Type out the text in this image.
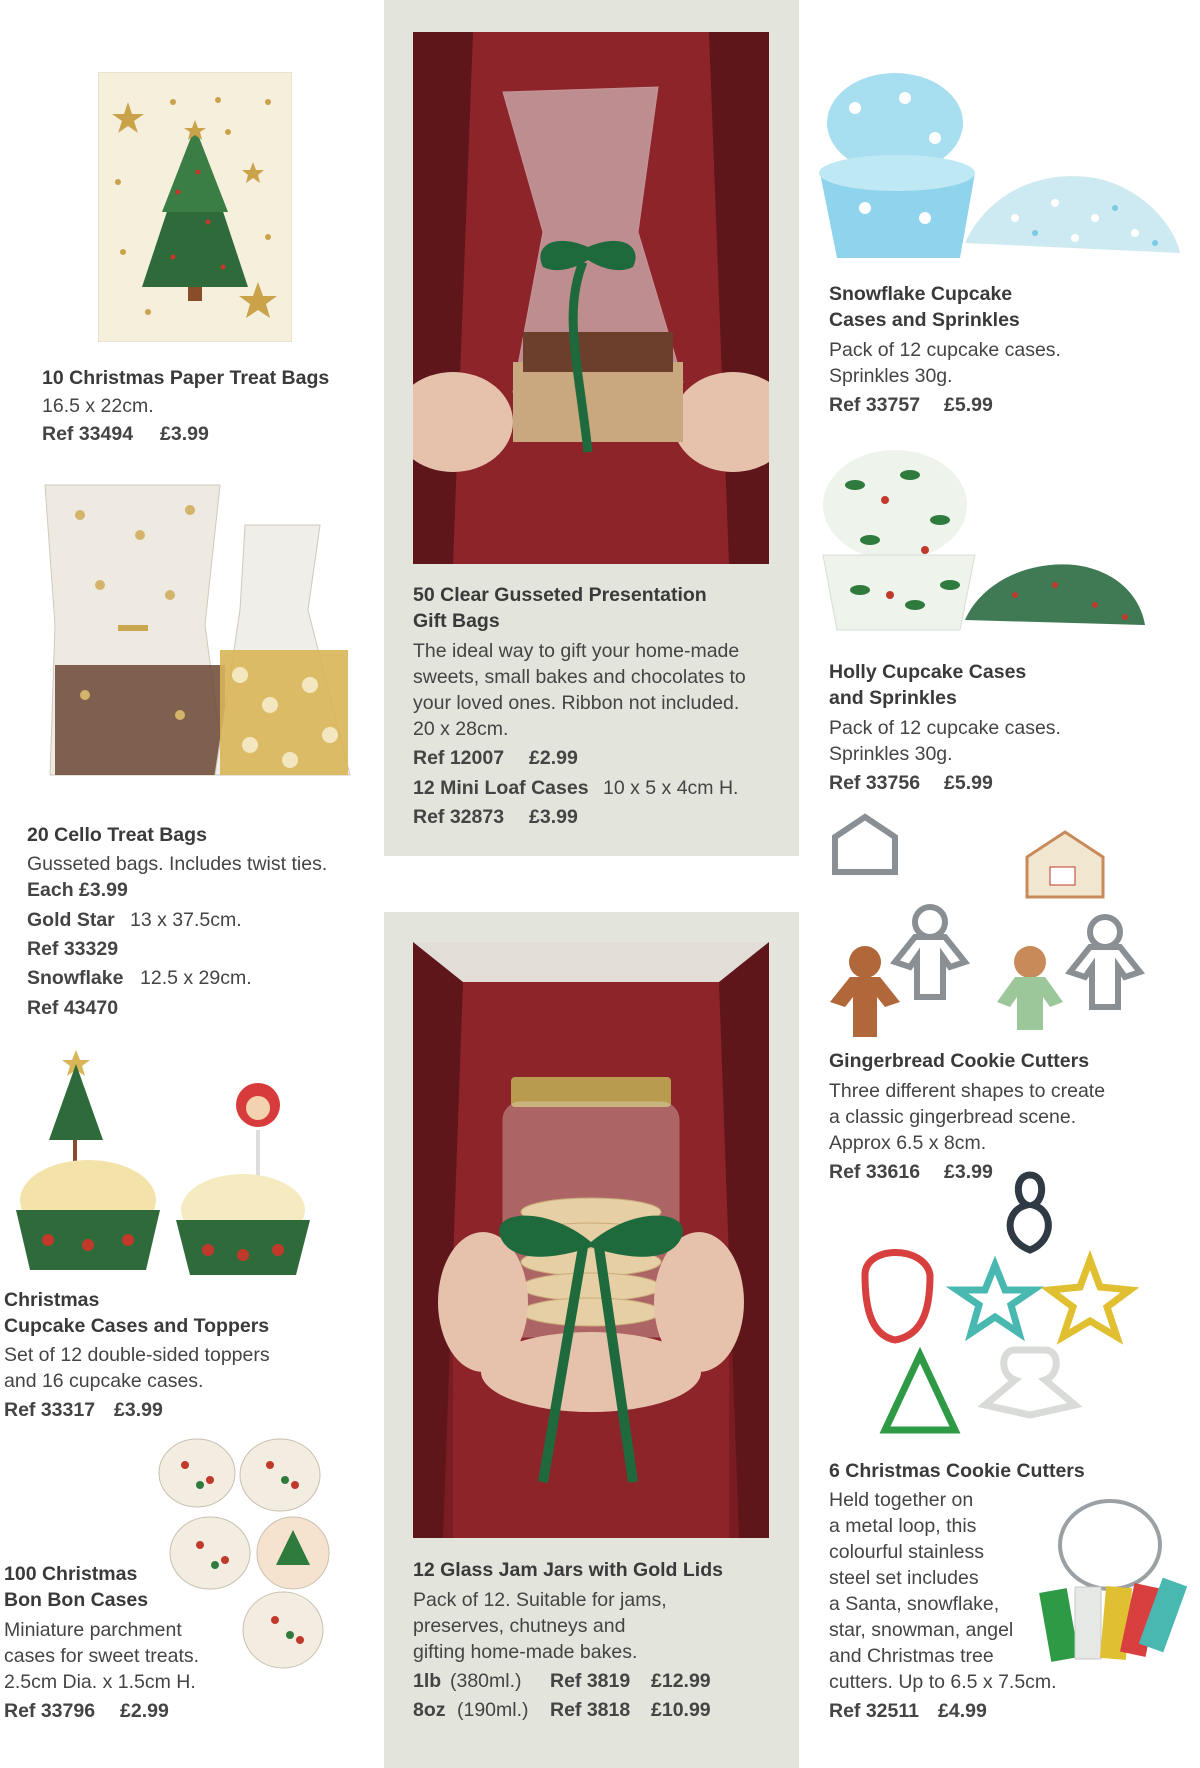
10 Christmas Paper Treat Bags
16.5 x 22cm.
Ref 33494 £3.99
20 Cello Treat Bags
Gusseted bags. Includes twist ties.
Each £3.99
Gold Star 13 x 37.5cm.
Ref 33329
Snowflake 12.5 x 29cm.
Ref 43470
Christmas
Cupcake Cases and Toppers
Set of 12 double-sided toppers
and 16 cupcake cases.
Ref 33317 £3.99
100 Christmas
Bon Bon Cases
Miniature parchment
cases for sweet treats.
2.5cm Dia. x 1.5cm H.
Ref 33796 £2.99
50 Clear Gusseted Presentation
Gift Bags
The ideal way to gift your home-made
sweets, small bakes and chocolates to
your loved ones. Ribbon not included.
20 x 28cm.
Ref 12007 £2.99
12 Mini Loaf Cases 10 x 5 x 4cm H.
Ref 32873 £3.99
12 Glass Jam Jars with Gold Lids
Pack of 12. Suitable for jams,
preserves, chutneys and
gifting home-made bakes.
1lb (380ml.) Ref 3819 £12.99
8oz (190ml.) Ref 3818 £10.99
Snowflake Cupcake
Cases and Sprinkles
Pack of 12 cupcake cases.
Sprinkles 30g.
Ref 33757 £5.99
Holly Cupcake Cases
and Sprinkles
Pack of 12 cupcake cases.
Sprinkles 30g.
Ref 33756 £5.99
Gingerbread Cookie Cutters
Three different shapes to create
a classic gingerbread scene.
Approx 6.5 x 8cm.
Ref 33616 £3.99
6 Christmas Cookie Cutters
Held together on
a metal loop, this
colourful stainless
steel set includes
a Santa, snowflake,
star, snowman, angel
and Christmas tree
cutters. Up to 6.5 x 7.5cm.
Ref 32511 £4.99
